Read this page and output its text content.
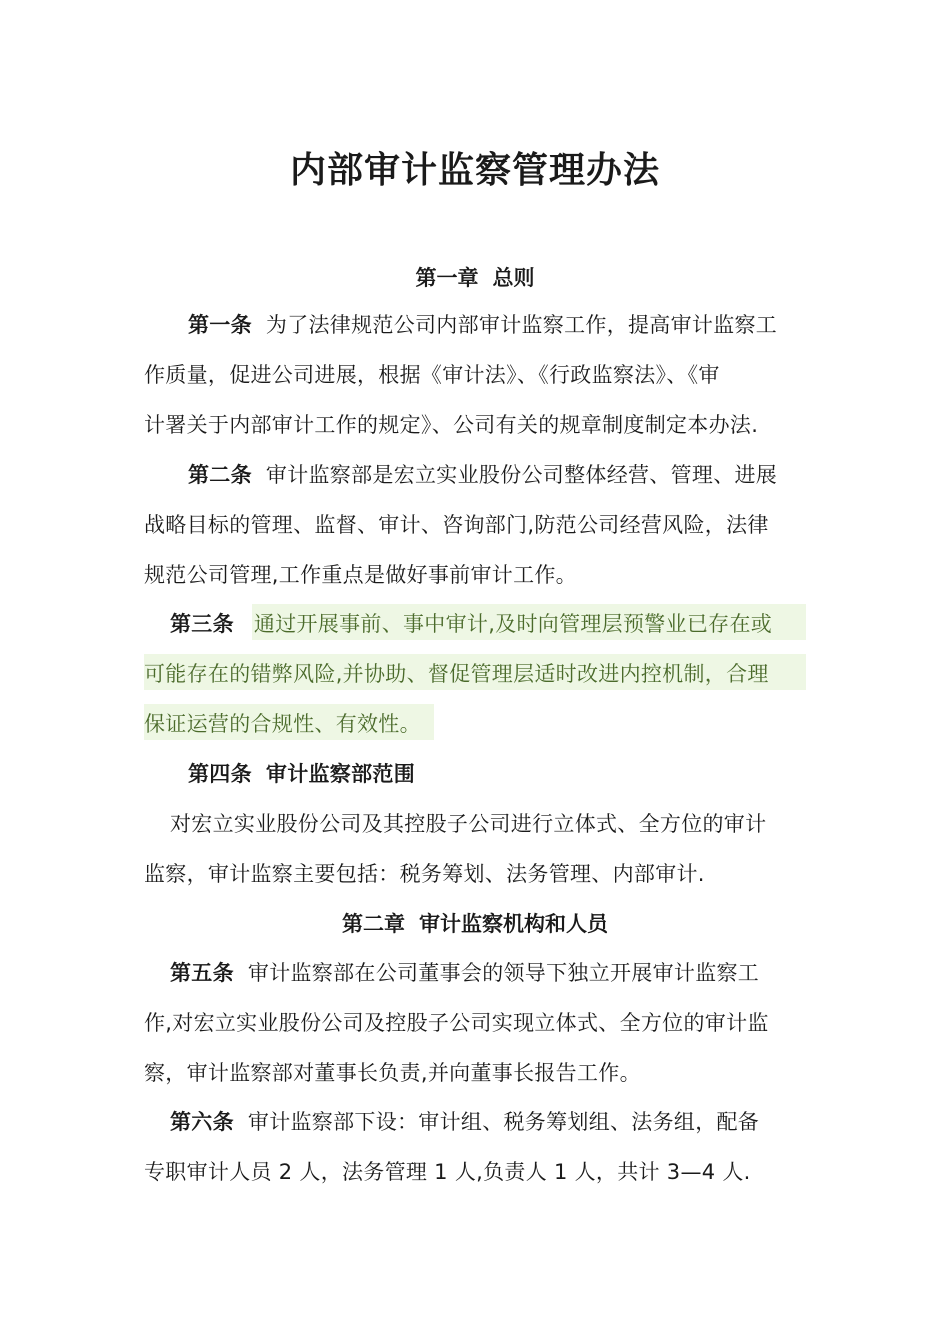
内部审计监察管理办法
第一章 总则
第一条 为了法律规范公司内部审计监察工作，提高审计监察工
作质量，促进公司进展，根据《审计法》、《行政监察法》、《审
计署关于内部审计工作的规定》、公司有关的规章制度制定本办法.
第二条 审计监察部是宏立实业股份公司整体经营、管理、进展
战略目标的管理、监督、审计、咨询部门,防范公司经营风险，法律
规范公司管理,工作重点是做好事前审计工作。
第三条 通过开展事前、事中审计,及时向管理层预警业已存在或
可能存在的错弊风险,并协助、督促管理层适时改进内控机制，合理
保证运营的合规性、有效性。
第四条 审计监察部范围
对宏立实业股份公司及其控股子公司进行立体式、全方位的审计
监察，审计监察主要包括：税务筹划、法务管理、内部审计.
第二章 审计监察机构和人员
第五条 审计监察部在公司董事会的领导下独立开展审计监察工
作,对宏立实业股份公司及控股子公司实现立体式、全方位的审计监
察，审计监察部对董事长负责,并向董事长报告工作。
第六条 审计监察部下设：审计组、税务筹划组、法务组，配备
专职审计人员 2 人，法务管理 1 人,负责人 1 人，共计 3—4 人.
